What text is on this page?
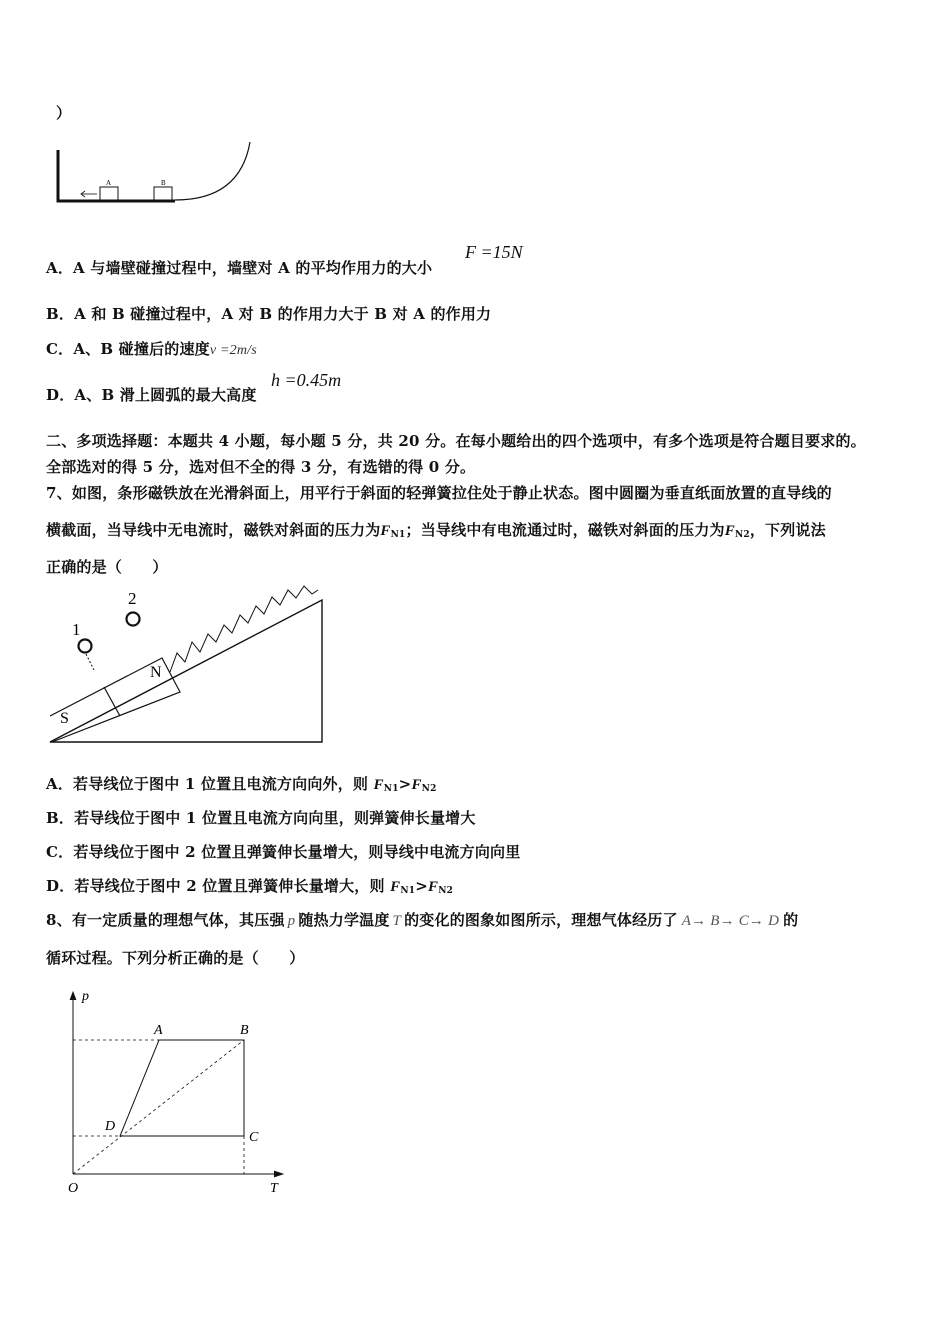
）
A	B
A．A 与墙壁碰撞过程中，墙壁对 A 的平均作用力的大小
F =15N
B．A 和 B 碰撞过程中，A 对 B 的作用力大于 B 对 A 的作用力
C．A、B 碰撞后的速度v =2m/s
D．A、B 滑上圆弧的最大高度
h =0.45m
二、多项选择题：本题共 4 小题，每小题 5 分，共 20 分。在每小题给出的四个选项中，有多个选项是符合题目要求的。
全部选对的得 5 分，选对但不全的得 3 分，有选错的得 0 分。
7、如图，条形磁铁放在光滑斜面上，用平行于斜面的轻弹簧拉住处于静止状态。图中圆圈为垂直纸面放置的直导线的
横截面，当导线中无电流时，磁铁对斜面的压力为$F_{N1}$；当导线中有电流通过时，磁铁对斜面的压力为$F_{N2}$，下列说法
正确的是（　　）
N
S
1
2
A．若导线位于图中 1 位置且电流方向向外，则 $F_{N1}>F_{N2}$
B．若导线位于图中 1 位置且电流方向向里，则弹簧伸长量增大
C．若导线位于图中 2 位置且弹簧伸长量增大，则导线中电流方向向里
D．若导线位于图中 2 位置且弹簧伸长量增大，则 $F_{N1}>F_{N2}$
8、有一定质量的理想气体，其压强 p 随热力学温度 T 的变化的图象如图所示，理想气体经历了 A→ B→ C→ D 的
循环过程。下列分析正确的是（　　）
p
T
O
A	B
C
D
